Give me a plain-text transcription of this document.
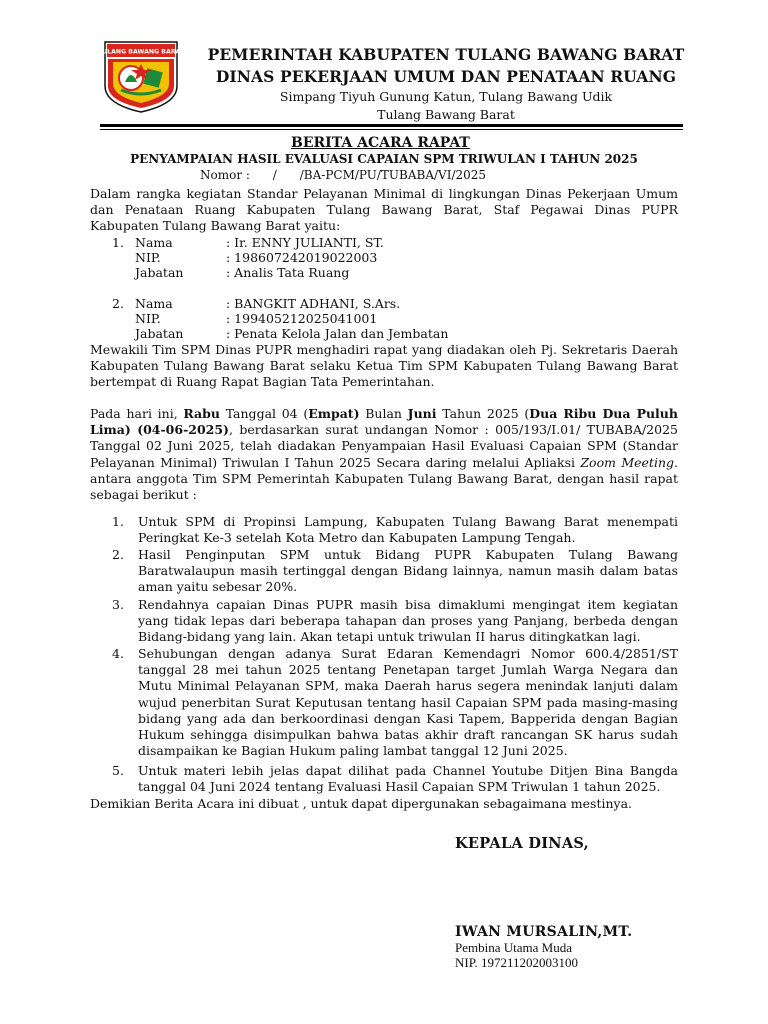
TULANG BAWANG BARAT	PEMERINTAH KABUPATEN TULANG BAWANG BARAT
DINAS PEKERJAAN UMUM DAN PENATAAN RUANG
Simpang Tiyuh Gunung Katun, Tulang Bawang Udik
Tulang Bawang Barat
BERITA ACARA RAPAT
PENYAMPAIAN HASIL EVALUASI CAPAIAN SPM TRIWULAN I TAHUN 2025
Nomor :      /      /BA-PCM/PU/TUBABA/VI/2025

Dalam rangka kegiatan Standar Pelayanan Minimal di lingkungan Dinas Pekerjaan Umum dan Penataan Ruang Kabupaten Tulang Bawang Barat, Staf Pegawai Dinas PUPR Kabupaten Tulang Bawang Barat yaitu:

1. Nama	: Ir. ENNY JULIANTI, ST.
NIP.	: 198607242019022003
Jabatan	: Analis Tata Ruang
2. Nama	: BANGKIT ADHANI, S.Ars.
NIP.	: 199405212025041001
Jabatan	: Penata Kelola Jalan dan Jembatan

Mewakili Tim SPM Dinas PUPR menghadiri rapat yang diadakan oleh Pj. Sekretaris Daerah Kabupaten Tulang Bawang Barat selaku Ketua Tim SPM Kabupaten Tulang Bawang Barat bertempat di Ruang Rapat Bagian Tata Pemerintahan.

Pada hari ini, Rabu Tanggal 04 (Empat) Bulan Juni Tahun 2025 (Dua Ribu Dua Puluh Lima) (04-06-2025), berdasarkan surat undangan Nomor : 005/193/I.01/ TUBABA/2025 Tanggal 02 Juni 2025, telah diadakan Penyampaian Hasil Evaluasi Capaian SPM (Standar Pelayanan Minimal) Triwulan I Tahun 2025 Secara daring melalui Apliaksi Zoom Meeting. antara anggota Tim SPM Pemerintah Kabupaten Tulang Bawang Barat, dengan hasil rapat sebagai berikut :

1. Untuk SPM di Propinsi Lampung, Kabupaten Tulang Bawang Barat menempati Peringkat Ke-3 setelah Kota Metro dan Kabupaten Lampung Tengah.

2. Hasil Penginputan SPM untuk Bidang PUPR Kabupaten Tulang Bawang Baratwalaupun masih tertinggal dengan Bidang lainnya, namun masih dalam batas aman yaitu sebesar 20%.

3. Rendahnya capaian Dinas PUPR masih bisa dimaklumi mengingat item kegiatan yang tidak lepas dari beberapa tahapan dan proses yang Panjang, berbeda dengan Bidang-bidang yang lain. Akan tetapi untuk triwulan II harus ditingkatkan lagi.

4. Sehubungan dengan adanya Surat Edaran Kemendagri Nomor 600.4/2851/ST tanggal 28 mei tahun 2025 tentang Penetapan target Jumlah Warga Negara dan Mutu Minimal Pelayanan SPM, maka Daerah harus segera menindak lanjuti dalam wujud penerbitan Surat Keputusan tentang hasil Capaian SPM pada masing-masing bidang yang ada dan berkoordinasi dengan Kasi Tapem, Bapperida dengan Bagian Hukum sehingga disimpulkan bahwa batas akhir draft rancangan SK harus sudah disampaikan ke Bagian Hukum paling lambat tanggal 12 Juni 2025.

5. Untuk materi lebih jelas dapat dilihat pada Channel Youtube Ditjen Bina Bangda tanggal 04 Juni 2024 tentang Evaluasi Hasil Capaian SPM Triwulan 1 tahun 2025.

Demikian Berita Acara ini dibuat , untuk dapat dipergunakan sebagaimana mestinya.
KEPALA DINAS,
IWAN MURSALIN,MT.
Pembina Utama Muda
NIP. 197211202003100
